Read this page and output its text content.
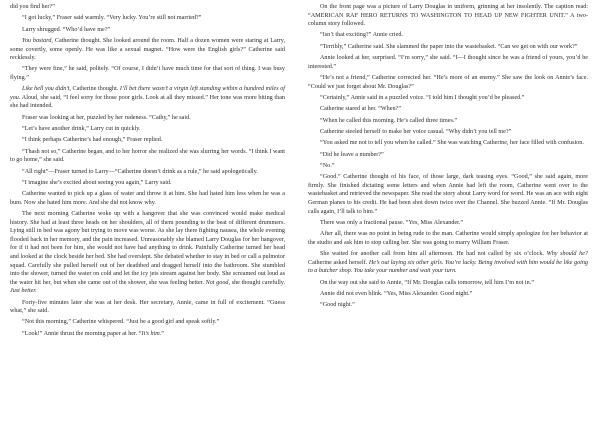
did you find her?”

“I got lucky,” Fraser said warmly. “Very lucky. You’re still not married?”

Larry shrugged. “Who’d have me?”

You bastard, Catherine thought. She looked around the room. Half a dozen women were staring at Larry, some covertly, some openly. He was like a sexual magnet. “How were the English girls?” Catherine said recklessly.

“They were fine,” he said, politely. “Of course, I didn’t have much time for that sort of thing. I was busy flying.”

Like hell you didn’t, Catherine thought. I’ll bet there wasn’t a virgin left standing within a hundred miles of you. Aloud, she said, “I feel sorry for those poor girls. Look at all they missed.” Her tone was more biting than she had intended.

Fraser was looking at her, puzzled by her rudeness. “Cathy,” he said.

“Let’s have another drink,” Larry cut in quickly.

“I think perhaps Catherine’s had enough,” Fraser replied.

“Thash not so,” Catherine began, and to her horror she realized she was slurring her words. “I think I want to go home,” she said.

“All right”—Fraser turned to Larry—“Catherine doesn’t drink as a rule,” he said apologetically.

“I imagine she’s excited about seeing you again,” Larry said.

Catherine wanted to pick up a glass of water and throw it at him. She had hated him less when he was a bum. Now she hated him more. And she did not know why.

The next morning Catherine woke up with a hangover that she was convinced would make medical history. She had at least three heads on her shoulders, all of them pounding to the beat of different drummers. Lying still in bed was agony but trying to move was worse. As she lay there fighting nausea, the whole evening flooded back in her memory, and the pain increased. Unreasonably she blamed Larry Douglas for her hangover, for if it had not been for him, she would not have had anything to drink. Painfully Catherine turned her head and looked at the clock beside her bed. She had overslept. She debated whether to stay in bed or call a pulmotor squad. Carefully she pulled herself out of her deathbed and dragged herself into the bathroom. She stumbled into the shower, turned the water on cold and let the icy jets stream against her body. She screamed out loud as the water hit her, but when she came out of the shower, she was feeling better. Not good, she thought carefully. Just better.

Forty-five minutes later she was at her desk. Her secretary, Annie, came in full of excitement. “Guess what,” she said.

“Not this morning,” Catherine whispered. “Just be a good girl and speak softly.”

“Look!” Annie thrust the morning paper at her. “It’s him.”

On the front page was a picture of Larry Douglas in uniform, grinning at her insolently. The caption read: “AMERICAN RAF HERO RETURNS TO WASHINGTON TO HEAD UP NEW FIGHTER UNIT.” A two-column story followed.

“Isn’t that exciting?” Annie cried.

“Terribly,” Catherine said. She slammed the paper into the wastebasket. “Can we get on with our work?”

Annie looked at her, surprised. “I’m sorry,” she said. “I—I thought since he was a friend of yours, you’d be interested.”

“He’s not a friend,” Catherine corrected her. “He’s more of an enemy.” She saw the look on Annie’s face. “Could we just forget about Mr. Douglas?”

“Certainly,” Annie said in a puzzled voice. “I told him I thought you’d be pleased.”

Catherine stared at her. “When?”

“When he called this morning. He’s called three times.”

Catherine steeled herself to make her voice casual. “Why didn’t you tell me?”

“You asked me not to tell you when he called.” She was watching Catherine, her face filled with confusion.

“Did he leave a number?”

“No.”

“Good.” Catherine thought of his face, of those large, dark teasing eyes. “Good,” she said again, more firmly. She finished dictating some letters and when Annie had left the room, Catherine went over to the wastebasket and retrieved the newspaper. She read the story about Larry word for word. He was an ace with eight German planes to his credit. He had been shot down twice over the Channel. She buzzed Annie. “If Mr. Douglas calls again, I’ll talk to him.”

There was only a fractional pause. “Yes, Miss Alexander.”

After all, there was no point in being rude to the man. Catherine would simply apologize for her behavior at the studio and ask him to stop calling her. She was going to marry William Fraser.

She waited for another call from him all afternoon. He had not called by six o’clock. Why should he? Catherine asked herself. He’s out laying six other girls. You’re lucky. Being involved with him would be like going to a butcher shop. You take your number and wait your turn.

On the way out she said to Annie, “If Mr. Douglas calls tomorrow, tell him I’m not in.”

Annie did not even blink. “Yes, Miss Alexander. Good night.”

“Good night.”
